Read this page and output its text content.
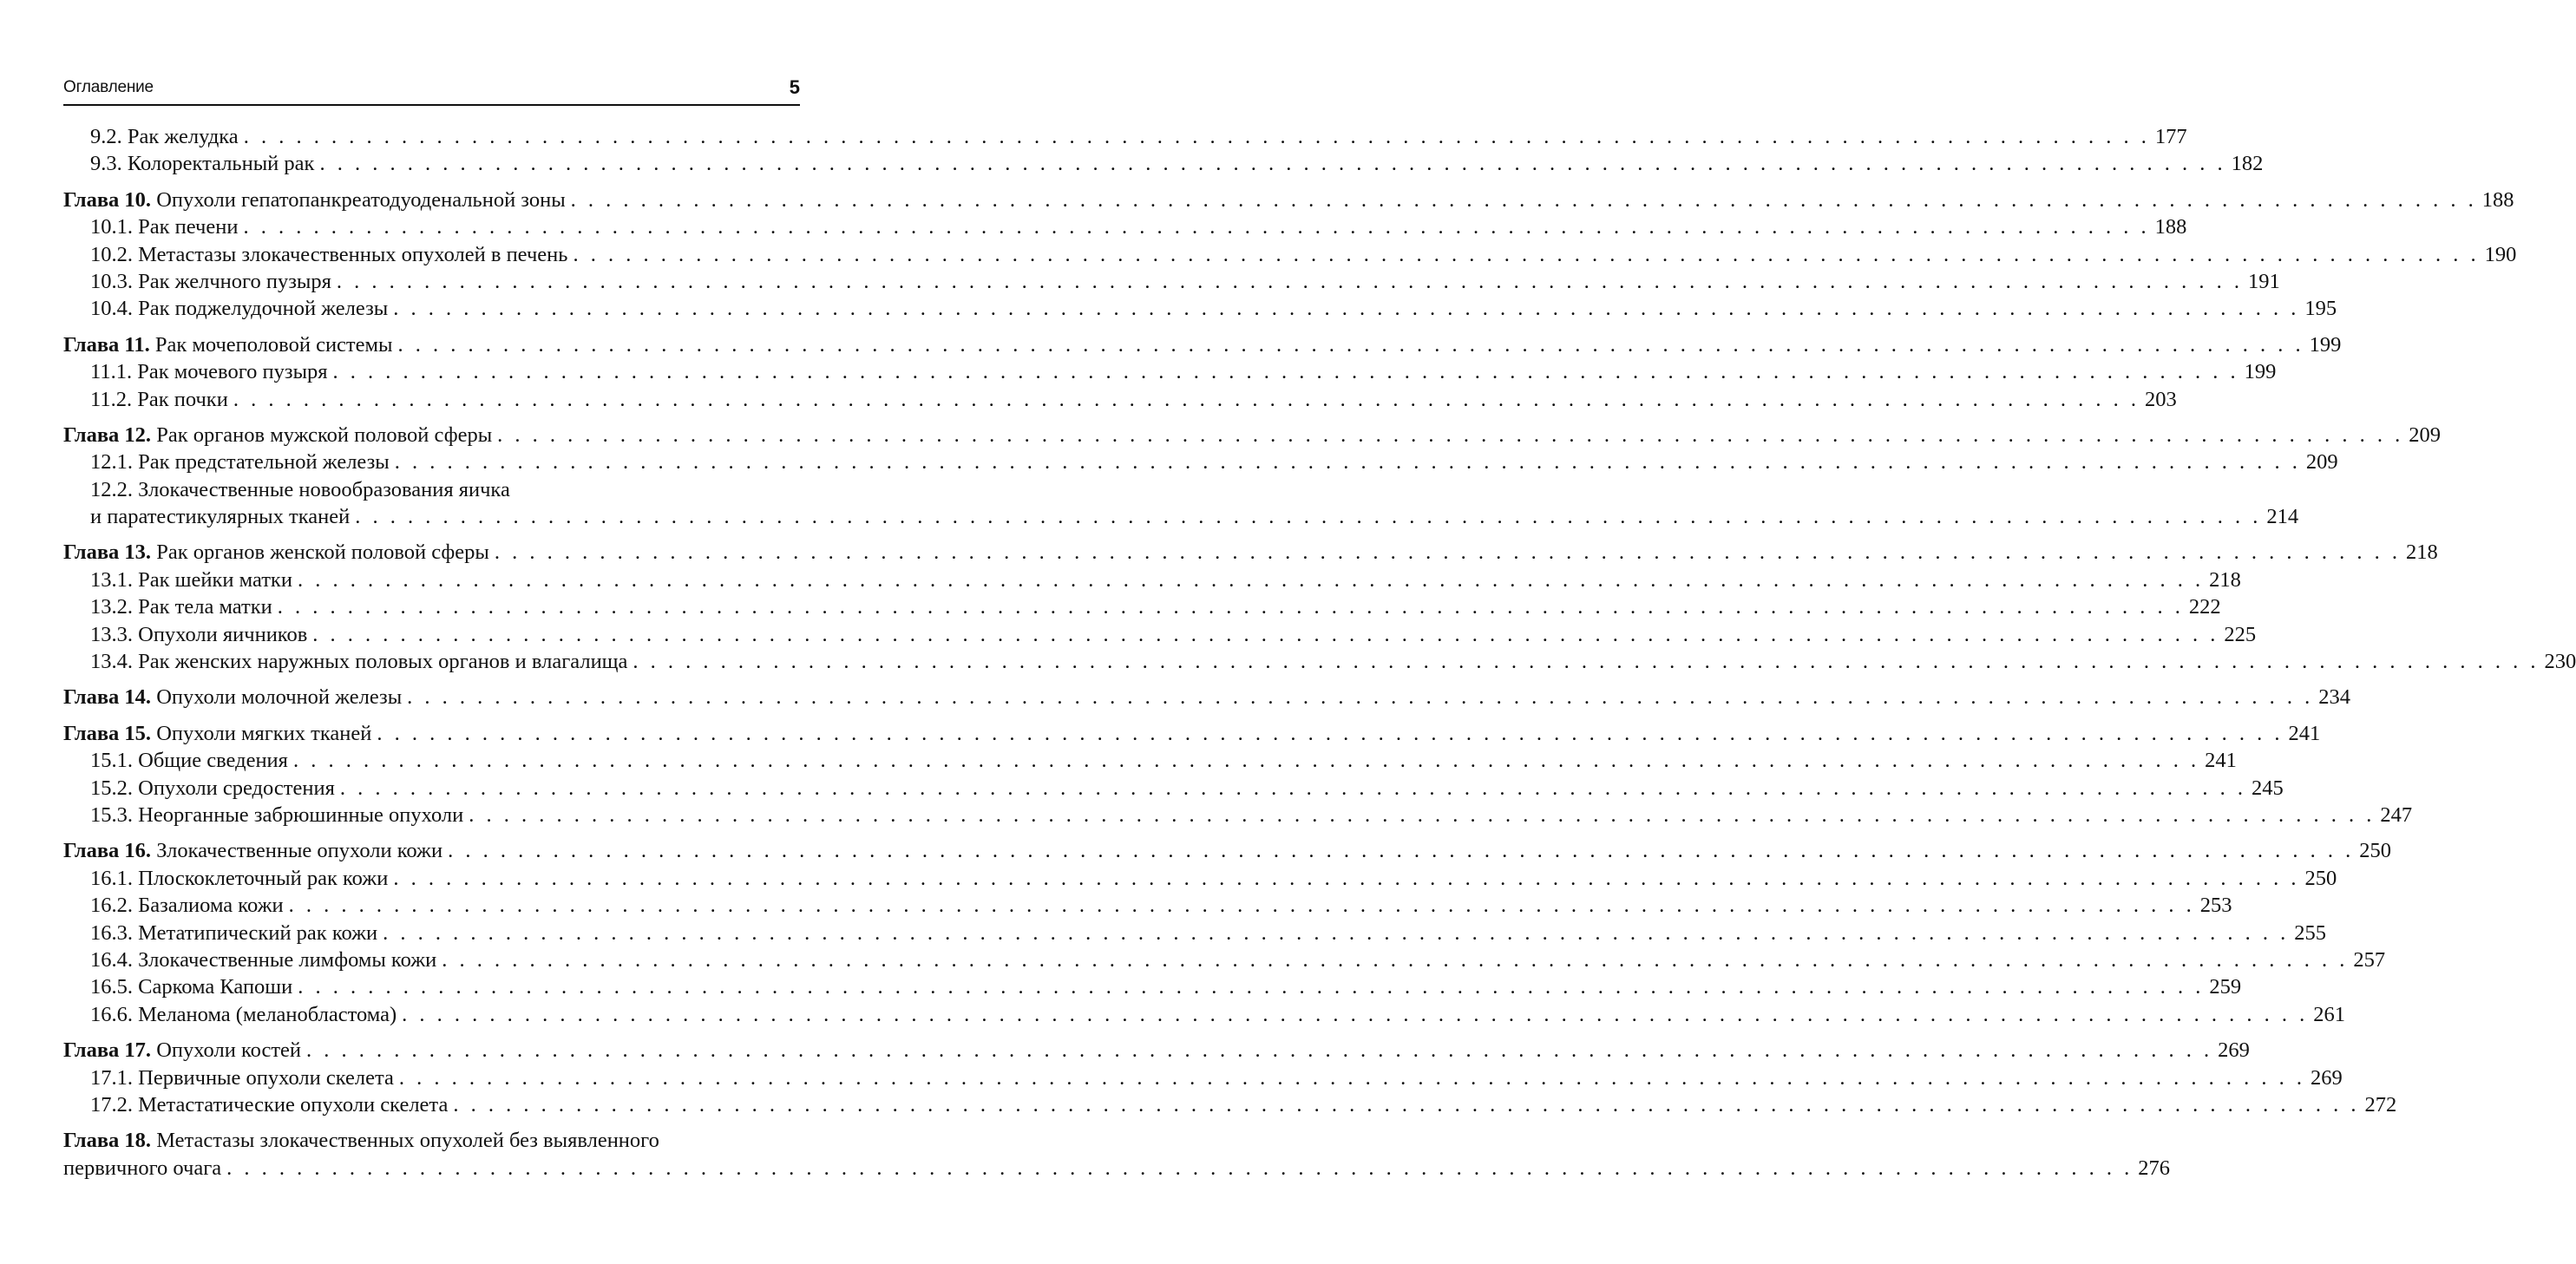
Оглавление	5
9.2. Рак желудка . . . . . . . . . . . . . . . . . . . . . . . . . . . . . . . . . . . . . . . . . . . . . . . . . . . . . . . . . . . . . . . . . . . . . . . . . . . . . . . . . . . . . . . . . . . . . . . . . . . . . . . . . . . . . 177
9.3. Колоректальный рак . . . . . . . . . . . . . . . . . . . . . . . . . . . . . . . . . . . . . . . . . . . . . . . . . . . . . . . . . . . . . . . . . . . . . . . . . . . . . . . . . . . . . . . . . . . . . . . . . . . . . . . . . . . . . 182
Глава 10. Опухоли гепатопанкреатодуоденальной зоны . . . . . . . . . . . . . . . . . . . . . . . . . . . . . . . . . . . . . . . . . . . . . . . . . . . . . . . . . . . . . . . . . . . . . . . . . . . . . . . . . . . . . . . . . . . . . . . . . . . . . . . . . . . . . 188
10.1. Рак печени . . . . . . . . . . . . . . . . . . . . . . . . . . . . . . . . . . . . . . . . . . . . . . . . . . . . . . . . . . . . . . . . . . . . . . . . . . . . . . . . . . . . . . . . . . . . . . . . . . . . . . . . . . . . . 188
10.2. Метастазы злокачественных опухолей в печень . . . . . . . . . . . . . . . . . . . . . . . . . . . . . . . . . . . . . . . . . . . . . . . . . . . . . . . . . . . . . . . . . . . . . . . . . . . . . . . . . . . . . . . . . . . . . . . . . . . . . . . . . . . . . 190
10.3. Рак желчного пузыря . . . . . . . . . . . . . . . . . . . . . . . . . . . . . . . . . . . . . . . . . . . . . . . . . . . . . . . . . . . . . . . . . . . . . . . . . . . . . . . . . . . . . . . . . . . . . . . . . . . . . . . . . . . . . 191
10.4. Рак поджелудочной железы . . . . . . . . . . . . . . . . . . . . . . . . . . . . . . . . . . . . . . . . . . . . . . . . . . . . . . . . . . . . . . . . . . . . . . . . . . . . . . . . . . . . . . . . . . . . . . . . . . . . . . . . . . . . . 195
Глава 11. Рак мочеполовой системы . . . . . . . . . . . . . . . . . . . . . . . . . . . . . . . . . . . . . . . . . . . . . . . . . . . . . . . . . . . . . . . . . . . . . . . . . . . . . . . . . . . . . . . . . . . . . . . . . . . . . . . . . . . . . 199
11.1. Рак мочевого пузыря . . . . . . . . . . . . . . . . . . . . . . . . . . . . . . . . . . . . . . . . . . . . . . . . . . . . . . . . . . . . . . . . . . . . . . . . . . . . . . . . . . . . . . . . . . . . . . . . . . . . . . . . . . . . . 199
11.2. Рак почки . . . . . . . . . . . . . . . . . . . . . . . . . . . . . . . . . . . . . . . . . . . . . . . . . . . . . . . . . . . . . . . . . . . . . . . . . . . . . . . . . . . . . . . . . . . . . . . . . . . . . . . . . . . . . 203
Глава 12. Рак органов мужской половой сферы . . . . . . . . . . . . . . . . . . . . . . . . . . . . . . . . . . . . . . . . . . . . . . . . . . . . . . . . . . . . . . . . . . . . . . . . . . . . . . . . . . . . . . . . . . . . . . . . . . . . . . . . . . . . . 209
12.1. Рак предстательной железы . . . . . . . . . . . . . . . . . . . . . . . . . . . . . . . . . . . . . . . . . . . . . . . . . . . . . . . . . . . . . . . . . . . . . . . . . . . . . . . . . . . . . . . . . . . . . . . . . . . . . . . . . . . . . 209
12.2. Злокачественные новообразования яичка
и паратестикулярных тканей . . . . . . . . . . . . . . . . . . . . . . . . . . . . . . . . . . . . . . . . . . . . . . . . . . . . . . . . . . . . . . . . . . . . . . . . . . . . . . . . . . . . . . . . . . . . . . . . . . . . . . . . . . . . . 214
Глава 13. Рак органов женской половой сферы . . . . . . . . . . . . . . . . . . . . . . . . . . . . . . . . . . . . . . . . . . . . . . . . . . . . . . . . . . . . . . . . . . . . . . . . . . . . . . . . . . . . . . . . . . . . . . . . . . . . . . . . . . . . . 218
13.1. Рак шейки матки . . . . . . . . . . . . . . . . . . . . . . . . . . . . . . . . . . . . . . . . . . . . . . . . . . . . . . . . . . . . . . . . . . . . . . . . . . . . . . . . . . . . . . . . . . . . . . . . . . . . . . . . . . . . . 218
13.2. Рак тела матки . . . . . . . . . . . . . . . . . . . . . . . . . . . . . . . . . . . . . . . . . . . . . . . . . . . . . . . . . . . . . . . . . . . . . . . . . . . . . . . . . . . . . . . . . . . . . . . . . . . . . . . . . . . . . 222
13.3. Опухоли яичников . . . . . . . . . . . . . . . . . . . . . . . . . . . . . . . . . . . . . . . . . . . . . . . . . . . . . . . . . . . . . . . . . . . . . . . . . . . . . . . . . . . . . . . . . . . . . . . . . . . . . . . . . . . . . 225
13.4. Рак женских наружных половых органов и влагалища . . . . . . . . . . . . . . . . . . . . . . . . . . . . . . . . . . . . . . . . . . . . . . . . . . . . . . . . . . . . . . . . . . . . . . . . . . . . . . . . . . . . . . . . . . . . . . . . . . . . . . . . . . . . . 230
Глава 14. Опухоли молочной железы . . . . . . . . . . . . . . . . . . . . . . . . . . . . . . . . . . . . . . . . . . . . . . . . . . . . . . . . . . . . . . . . . . . . . . . . . . . . . . . . . . . . . . . . . . . . . . . . . . . . . . . . . . . . . 234
Глава 15. Опухоли мягких тканей . . . . . . . . . . . . . . . . . . . . . . . . . . . . . . . . . . . . . . . . . . . . . . . . . . . . . . . . . . . . . . . . . . . . . . . . . . . . . . . . . . . . . . . . . . . . . . . . . . . . . . . . . . . . . 241
15.1. Общие сведения . . . . . . . . . . . . . . . . . . . . . . . . . . . . . . . . . . . . . . . . . . . . . . . . . . . . . . . . . . . . . . . . . . . . . . . . . . . . . . . . . . . . . . . . . . . . . . . . . . . . . . . . . . . . . 241
15.2. Опухоли средостения . . . . . . . . . . . . . . . . . . . . . . . . . . . . . . . . . . . . . . . . . . . . . . . . . . . . . . . . . . . . . . . . . . . . . . . . . . . . . . . . . . . . . . . . . . . . . . . . . . . . . . . . . . . . . 245
15.3. Неорганные забрюшинные опухоли . . . . . . . . . . . . . . . . . . . . . . . . . . . . . . . . . . . . . . . . . . . . . . . . . . . . . . . . . . . . . . . . . . . . . . . . . . . . . . . . . . . . . . . . . . . . . . . . . . . . . . . . . . . . . 247
Глава 16. Злокачественные опухоли кожи . . . . . . . . . . . . . . . . . . . . . . . . . . . . . . . . . . . . . . . . . . . . . . . . . . . . . . . . . . . . . . . . . . . . . . . . . . . . . . . . . . . . . . . . . . . . . . . . . . . . . . . . . . . . . 250
16.1. Плоскоклеточный рак кожи . . . . . . . . . . . . . . . . . . . . . . . . . . . . . . . . . . . . . . . . . . . . . . . . . . . . . . . . . . . . . . . . . . . . . . . . . . . . . . . . . . . . . . . . . . . . . . . . . . . . . . . . . . . . . 250
16.2. Базалиома кожи . . . . . . . . . . . . . . . . . . . . . . . . . . . . . . . . . . . . . . . . . . . . . . . . . . . . . . . . . . . . . . . . . . . . . . . . . . . . . . . . . . . . . . . . . . . . . . . . . . . . . . . . . . . . . 253
16.3. Метатипический рак кожи . . . . . . . . . . . . . . . . . . . . . . . . . . . . . . . . . . . . . . . . . . . . . . . . . . . . . . . . . . . . . . . . . . . . . . . . . . . . . . . . . . . . . . . . . . . . . . . . . . . . . . . . . . . . . 255
16.4. Злокачественные лимфомы кожи . . . . . . . . . . . . . . . . . . . . . . . . . . . . . . . . . . . . . . . . . . . . . . . . . . . . . . . . . . . . . . . . . . . . . . . . . . . . . . . . . . . . . . . . . . . . . . . . . . . . . . . . . . . . . 257
16.5. Саркома Капоши . . . . . . . . . . . . . . . . . . . . . . . . . . . . . . . . . . . . . . . . . . . . . . . . . . . . . . . . . . . . . . . . . . . . . . . . . . . . . . . . . . . . . . . . . . . . . . . . . . . . . . . . . . . . . 259
16.6. Меланома (меланобластома) . . . . . . . . . . . . . . . . . . . . . . . . . . . . . . . . . . . . . . . . . . . . . . . . . . . . . . . . . . . . . . . . . . . . . . . . . . . . . . . . . . . . . . . . . . . . . . . . . . . . . . . . . . . . . 261
Глава 17. Опухоли костей . . . . . . . . . . . . . . . . . . . . . . . . . . . . . . . . . . . . . . . . . . . . . . . . . . . . . . . . . . . . . . . . . . . . . . . . . . . . . . . . . . . . . . . . . . . . . . . . . . . . . . . . . . . . . 269
17.1. Первичные опухоли скелета . . . . . . . . . . . . . . . . . . . . . . . . . . . . . . . . . . . . . . . . . . . . . . . . . . . . . . . . . . . . . . . . . . . . . . . . . . . . . . . . . . . . . . . . . . . . . . . . . . . . . . . . . . . . . 269
17.2. Метастатические опухоли скелета . . . . . . . . . . . . . . . . . . . . . . . . . . . . . . . . . . . . . . . . . . . . . . . . . . . . . . . . . . . . . . . . . . . . . . . . . . . . . . . . . . . . . . . . . . . . . . . . . . . . . . . . . . . . . 272
Глава 18. Метастазы злокачественных опухолей без выявленного
первичного очага . . . . . . . . . . . . . . . . . . . . . . . . . . . . . . . . . . . . . . . . . . . . . . . . . . . . . . . . . . . . . . . . . . . . . . . . . . . . . . . . . . . . . . . . . . . . . . . . . . . . . . . . . . . . . 276
